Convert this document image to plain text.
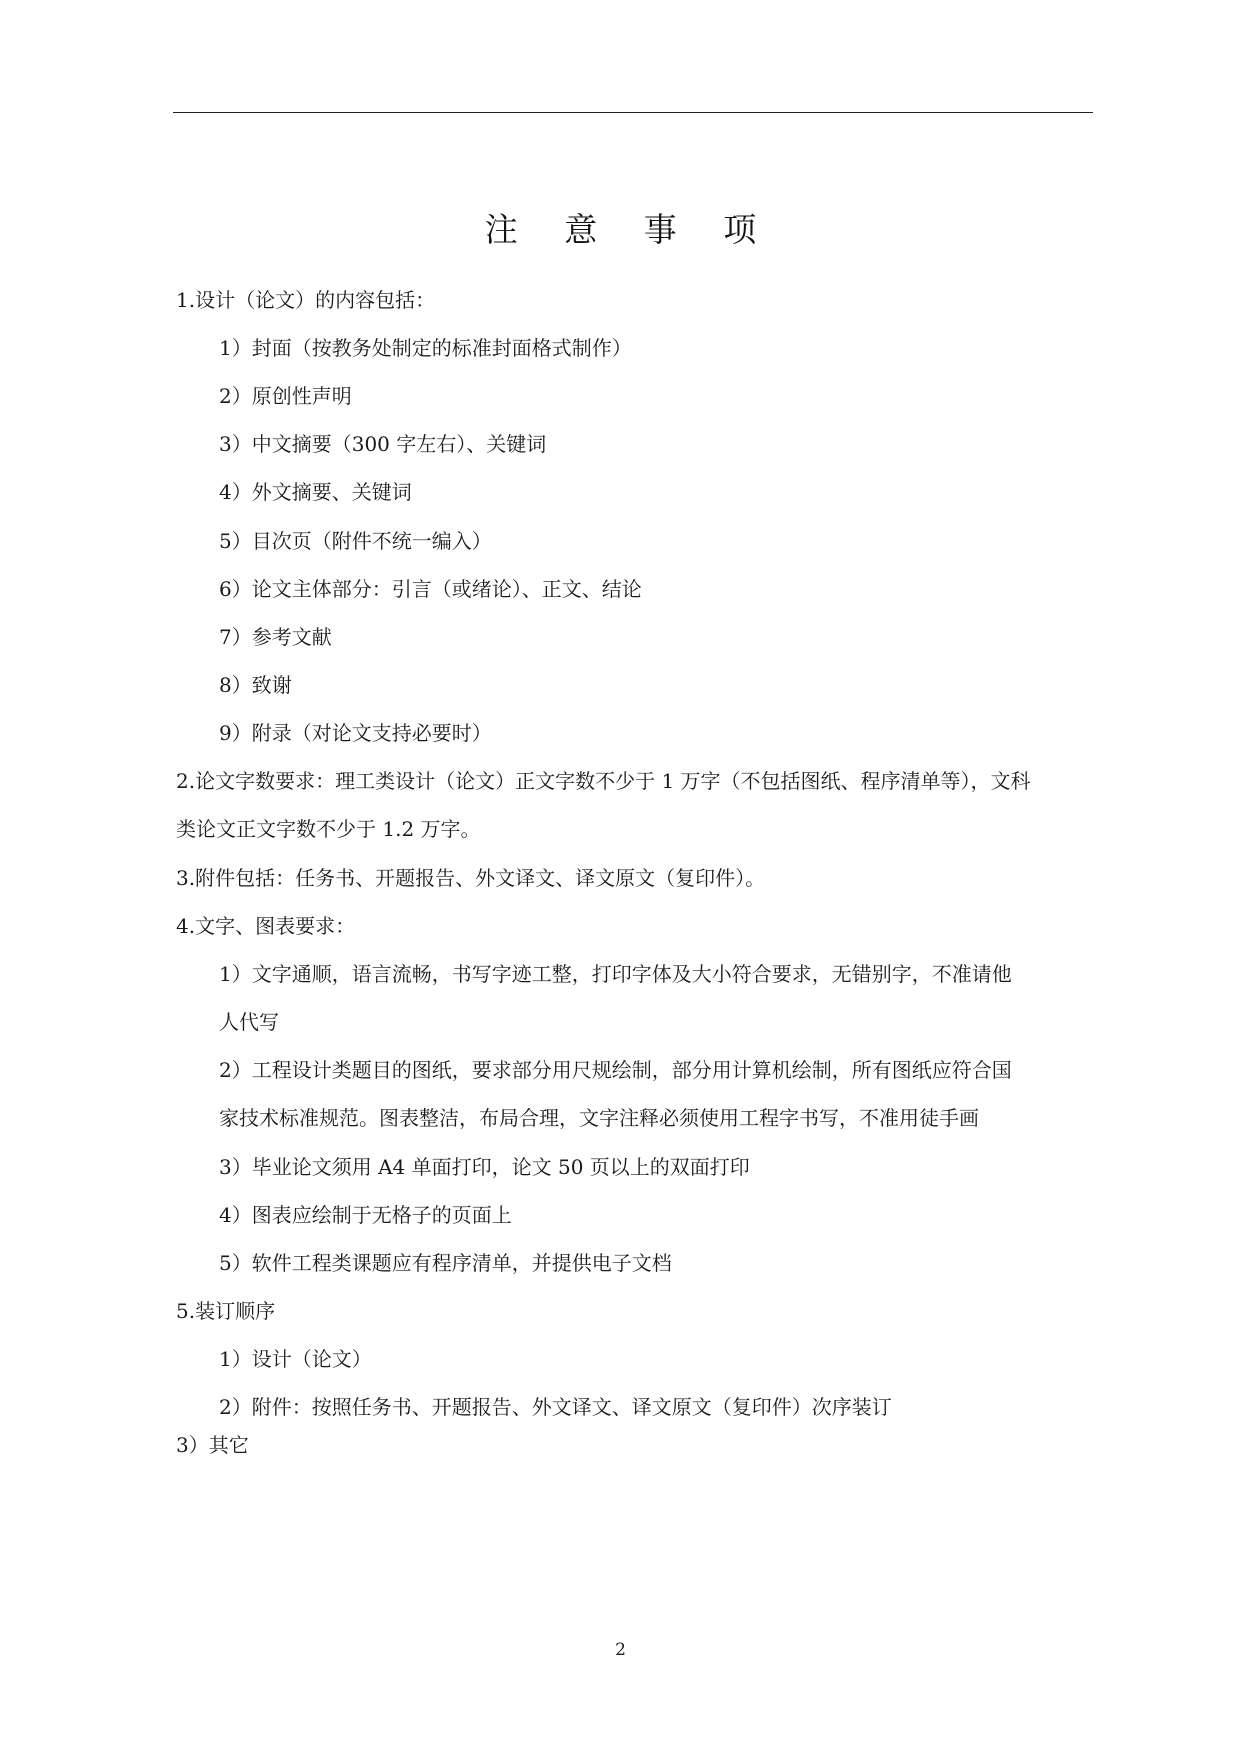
注 意 事 项
1.设计（论文）的内容包括：
1）封面（按教务处制定的标准封面格式制作）
2）原创性声明
3）中文摘要（300 字左右）、关键词
4）外文摘要、关键词
5）目次页（附件不统一编入）
6）论文主体部分：引言（或绪论）、正文、结论
7）参考文献
8）致谢
9）附录（对论文支持必要时）
2.论文字数要求：理工类设计（论文）正文字数不少于 1 万字（不包括图纸、程序清单等），文科
类论文正文字数不少于 1.2 万字。
3.附件包括：任务书、开题报告、外文译文、译文原文（复印件）。
4.文字、图表要求：
1）文字通顺，语言流畅，书写字迹工整，打印字体及大小符合要求，无错别字，不准请他
人代写
2）工程设计类题目的图纸，要求部分用尺规绘制，部分用计算机绘制，所有图纸应符合国
家技术标准规范。图表整洁，布局合理，文字注释必须使用工程字书写，不准用徒手画
3）毕业论文须用 A4 单面打印，论文 50 页以上的双面打印
4）图表应绘制于无格子的页面上
5）软件工程类课题应有程序清单，并提供电子文档
5.装订顺序
1）设计（论文）
2）附件：按照任务书、开题报告、外文译文、译文原文（复印件）次序装订
3）其它
2
